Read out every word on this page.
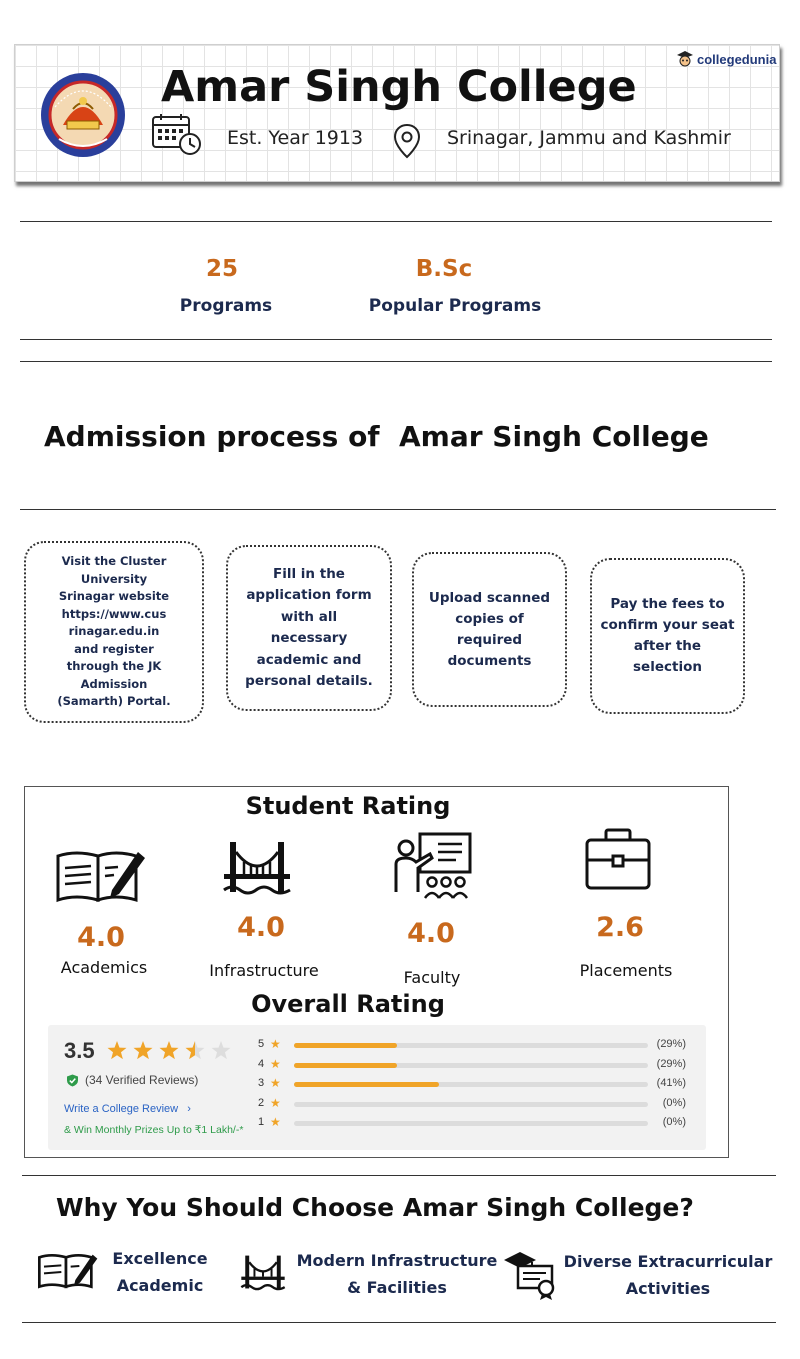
Amar Singh College
Est. Year 1913	Srinagar, Jammu and Kashmir
collegedunia
25
Programs
B.Sc
Popular Programs
Admission process of  Amar Singh College
Visit the Cluster
University
Srinagar website
https://www.cus
rinagar.edu.in
and register
through the JK
Admission
(Samarth) Portal.
Fill in the
application form
with all
necessary
academic and
personal details.
Upload scanned
copies of required
documents
Pay the fees to
confirm your seat
after the selection
Student Rating
4.0
Academics
4.0
Infrastructure
4.0
Faculty
2.6
Placements
Overall Rating
3.5
(34 Verified Reviews)
Write a College Review ›
& Win Monthly Prizes Up to ₹1 Lakh/-*
5 ★	(29%)
4 ★	(29%)
3 ★	(41%)
2 ★	(0%)
1 ★	(0%)
Why You Should Choose Amar Singh College?
Excellence
Academic
Modern Infrastructure
& Facilities
Diverse Extracurricular
Activities
